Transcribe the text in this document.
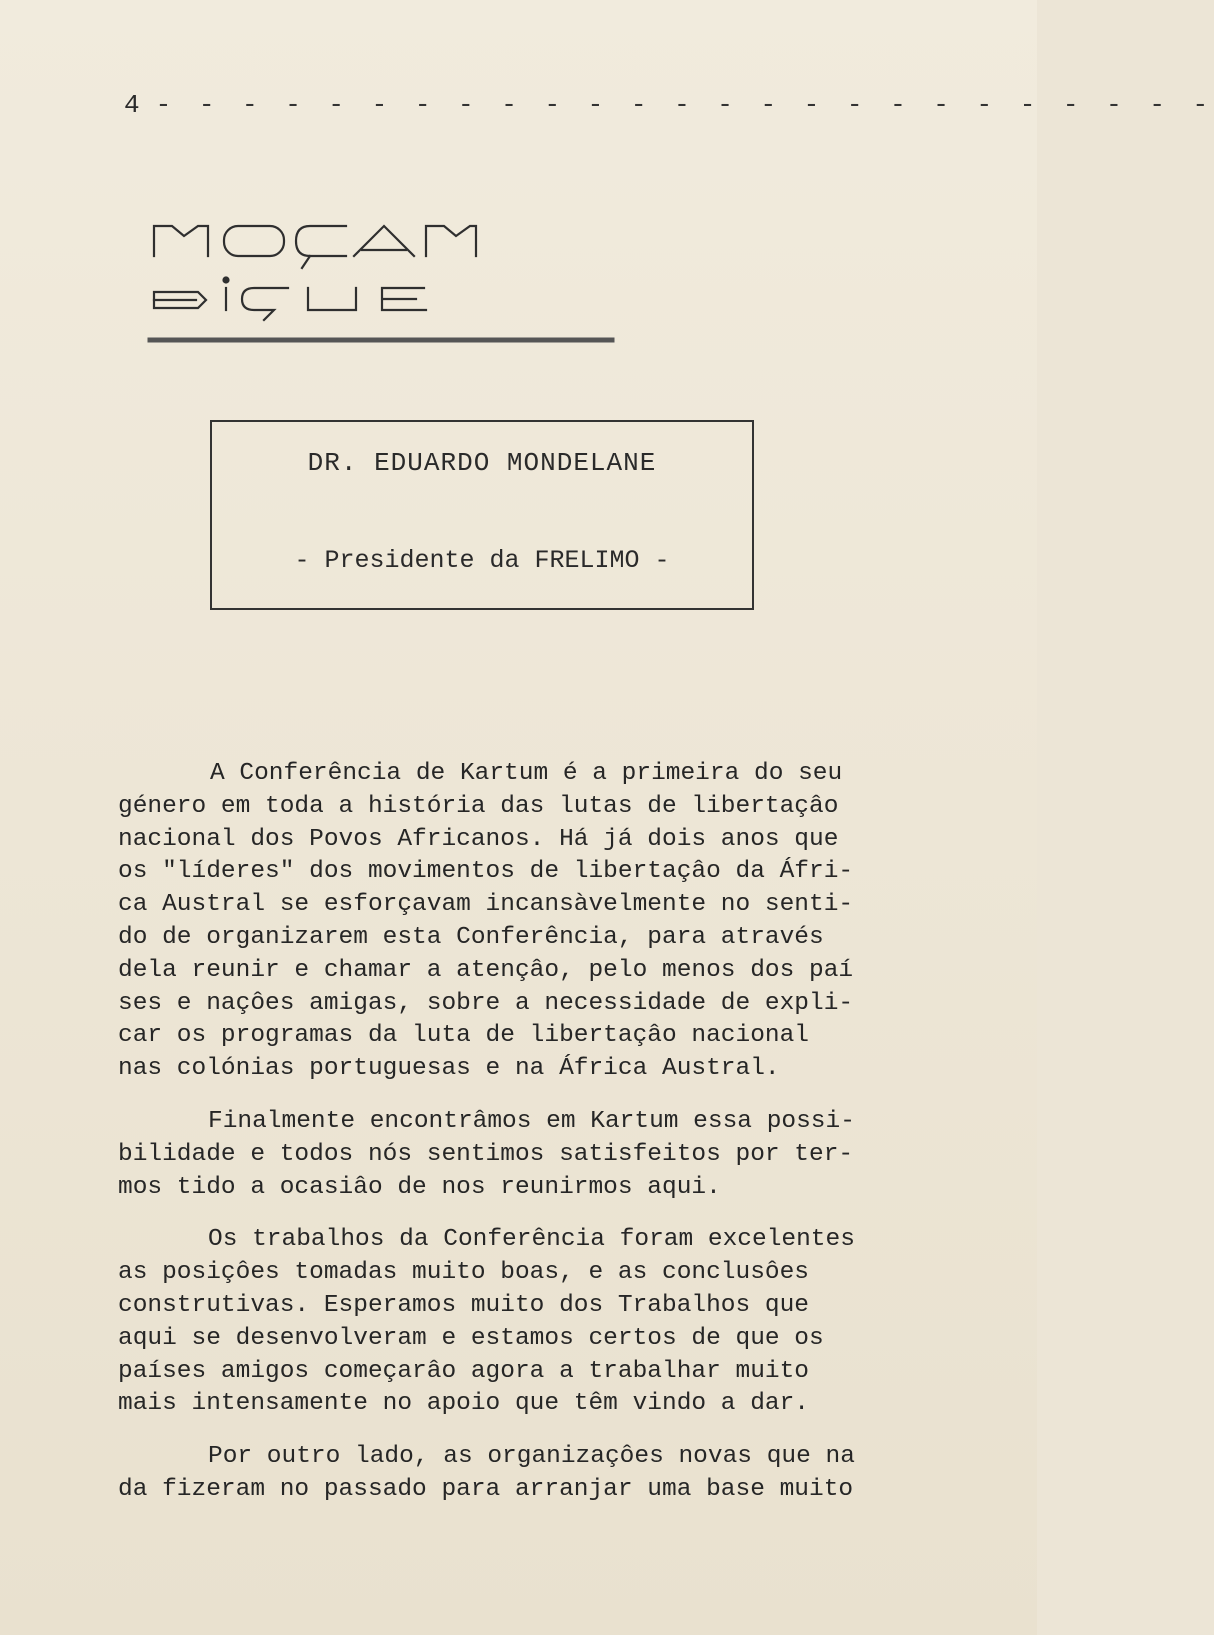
4 - - - - - - - - - - - - - - - - - - - - - - - - -
DR. EDUARDO MONDELANE
- Presidente da FRELIMO -

A Conferência de Kartum é a primeira do seu
género em toda a história das lutas de libertaçâo
nacional dos Povos Africanos. Há já dois anos que
os "líderes" dos movimentos de libertaçâo da Áfri-
ca Austral se esforçavam incansàvelmente no senti-
do de organizarem esta Conferência, para através
dela reunir e chamar a atençâo, pelo menos dos paí
ses e naçôes amigas, sobre a necessidade de expli-
car os programas da luta de libertaçâo nacional
nas colónias portuguesas e na África Austral.

Finalmente encontrâmos em Kartum essa possi-
bilidade e todos nós sentimos satisfeitos por ter-
mos tido a ocasiâo de nos reunirmos aqui.

Os trabalhos da Conferência foram excelentes
as posiçôes tomadas muito boas, e as conclusôes
construtivas. Esperamos muito dos Trabalhos que
aqui se desenvolveram e estamos certos de que os
países amigos começarâo agora a trabalhar muito
mais intensamente no apoio que têm vindo a dar.

Por outro lado, as organizaçôes novas que na
da fizeram no passado para arranjar uma base muito
